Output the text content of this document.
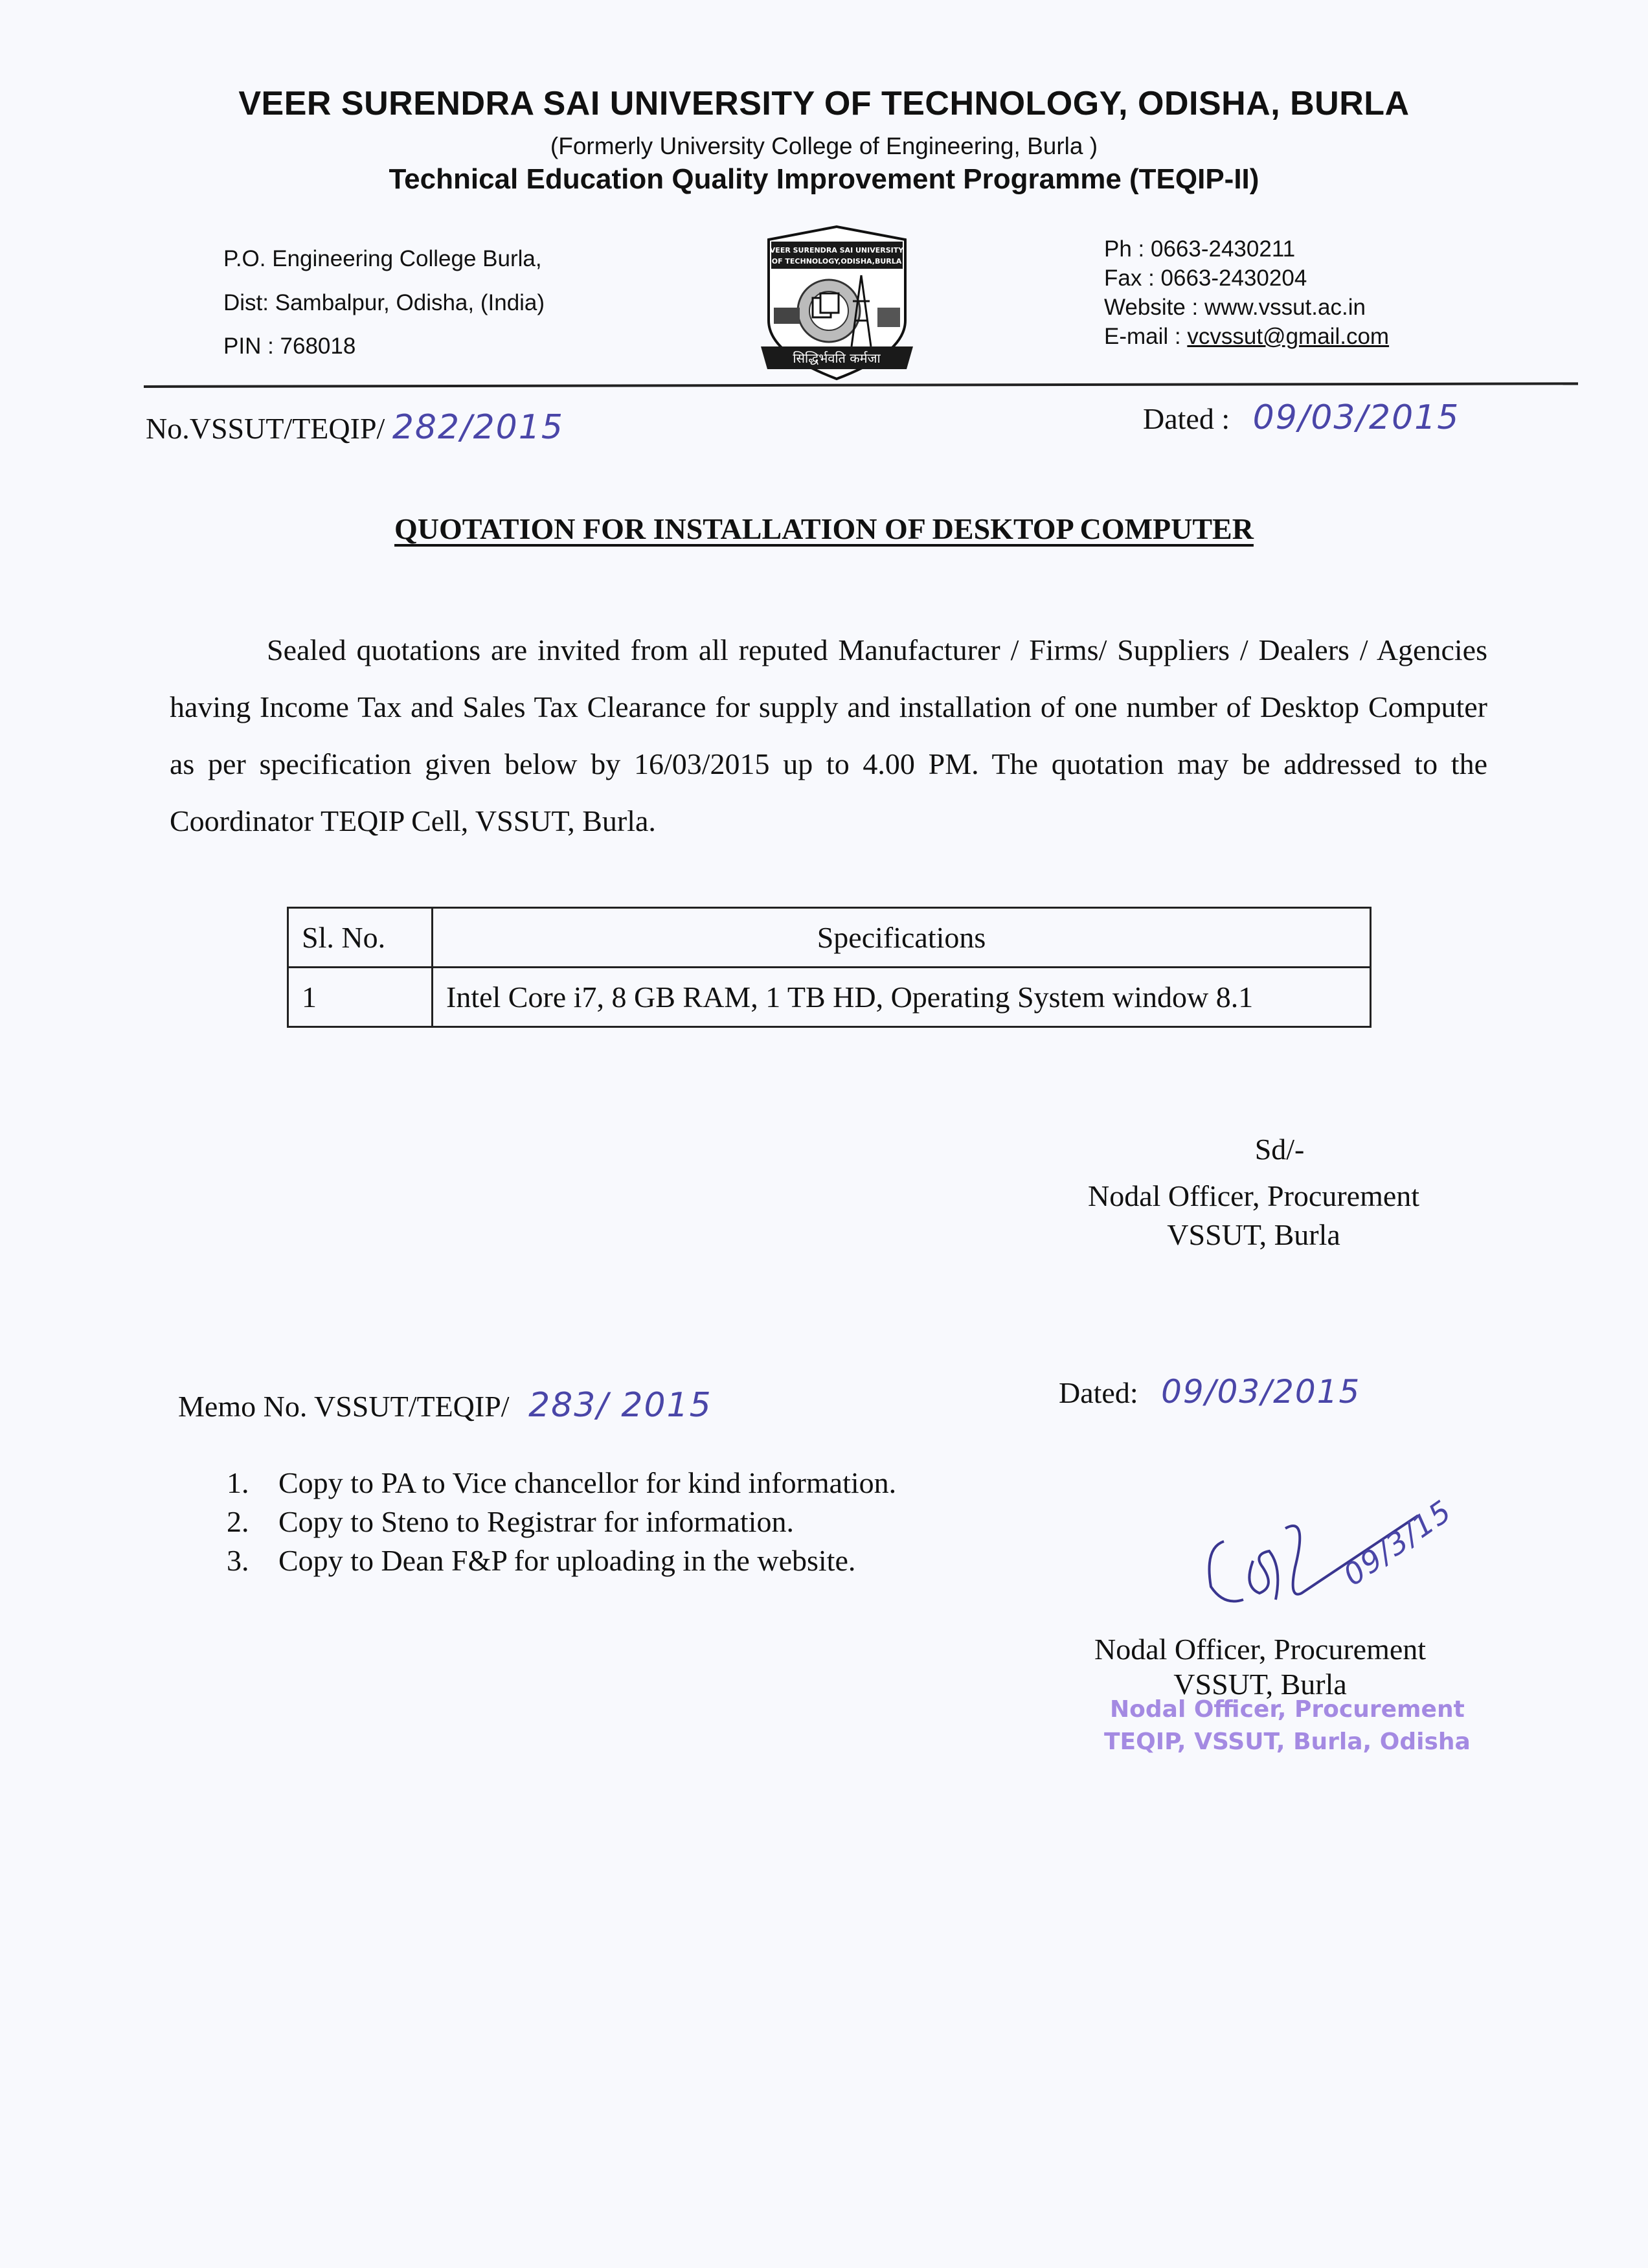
VEER SURENDRA SAI UNIVERSITY OF TECHNOLOGY, ODISHA, BURLA
(Formerly University College of Engineering, Burla )
Technical Education Quality Improvement Programme (TEQIP-II)
P.O. Engineering College Burla,
Dist: Sambalpur, Odisha, (India)
PIN : 768018
Ph : 0663-2430211
Fax : 0663-2430204
Website : www.vssut.ac.in
E-mail : vcvssut@gmail.com
VEER SURENDRA SAI UNIVERSITY
OF TECHNOLOGY,ODISHA,BURLA
सिद्धिर्भवति कर्मजा
No.VSSUT/TEQIP/ 282/2015	Dated : 09/03/2015
QUOTATION FOR INSTALLATION OF DESKTOP COMPUTER
Sealed quotations are invited from all reputed Manufacturer / Firms/ Suppliers / Dealers / Agencies having Income Tax and Sales Tax Clearance for supply and installation of one number of Desktop Computer as per specification given below by 16/03/2015 up to 4.00 PM. The quotation may be addressed to the Coordinator TEQIP Cell, VSSUT, Burla.
Sl. No.	Specifications
1	Intel Core i7, 8 GB RAM, 1 TB HD, Operating System window 8.1
Sd/-
Nodal Officer, Procurement
VSSUT, Burla
Memo No. VSSUT/TEQIP/ 283/ 2015	Dated: 09/03/2015
1. Copy to PA to Vice chancellor for kind information.
2. Copy to Steno to Registrar for information.
3. Copy to Dean F&P for uploading in the website.	09/3/15
Nodal Officer, Procurement
VSSUT, Burla
Nodal Officer, Procurement
TEQIP, VSSUT, Burla, Odisha
